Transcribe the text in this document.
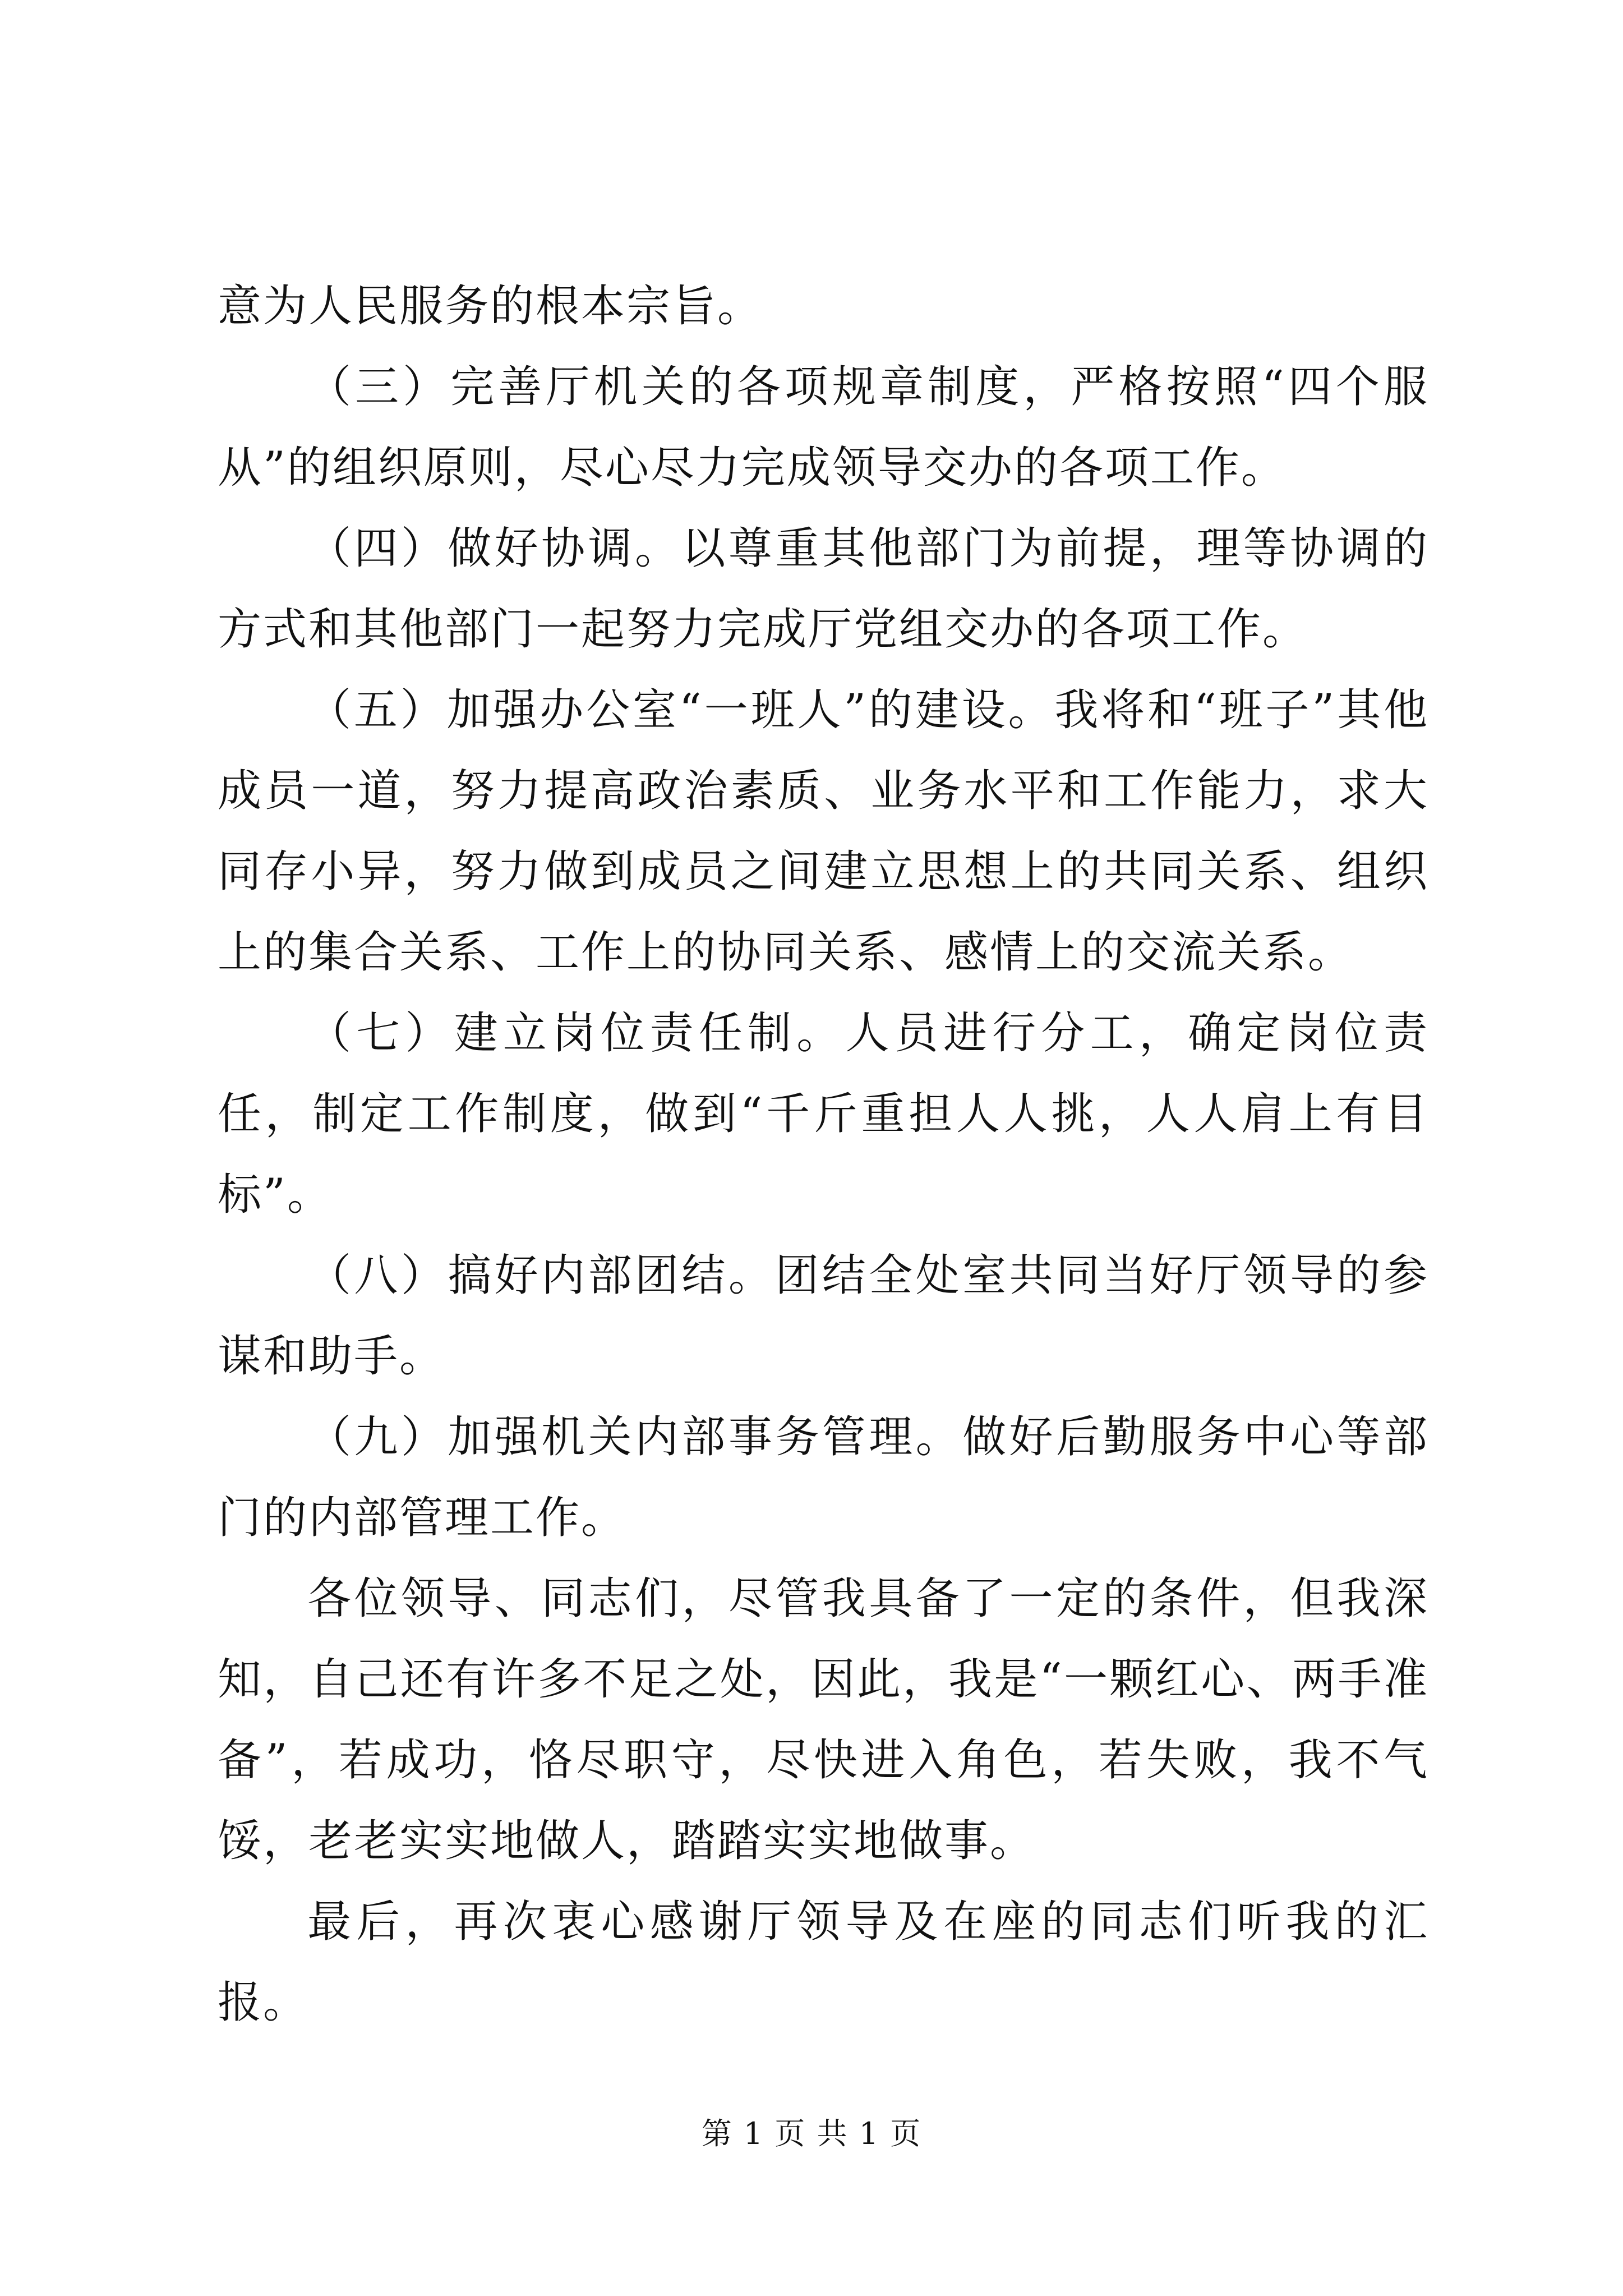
意为人民服务的根本宗旨。

（三）完善厅机关的各项规章制度，严格按照“四个服从”的组织原则，尽心尽力完成领导交办的各项工作。

（四）做好协调。以尊重其他部门为前提，理等协调的方式和其他部门一起努力完成厅党组交办的各项工作。

（五）加强办公室“一班人”的建设。我将和“班子”其他成员一道，努力提高政治素质、业务水平和工作能力，求大同存小异，努力做到成员之间建立思想上的共同关系、组织上的集合关系、工作上的协同关系、感情上的交流关系。

（七）建立岗位责任制。人员进行分工，确定岗位责任，制定工作制度，做到“千斤重担人人挑，人人肩上有目标”。

（八）搞好内部团结。团结全处室共同当好厅领导的参谋和助手。

（九）加强机关内部事务管理。做好后勤服务中心等部门的内部管理工作。

各位领导、同志们，尽管我具备了一定的条件，但我深知，自己还有许多不足之处，因此，我是“一颗红心、两手准备”，若成功，恪尽职守，尽快进入角色，若失败，我不气馁，老老实实地做人，踏踏实实地做事。

最后，再次衷心感谢厅领导及在座的同志们听我的汇报。

第 1 页 共 1 页
